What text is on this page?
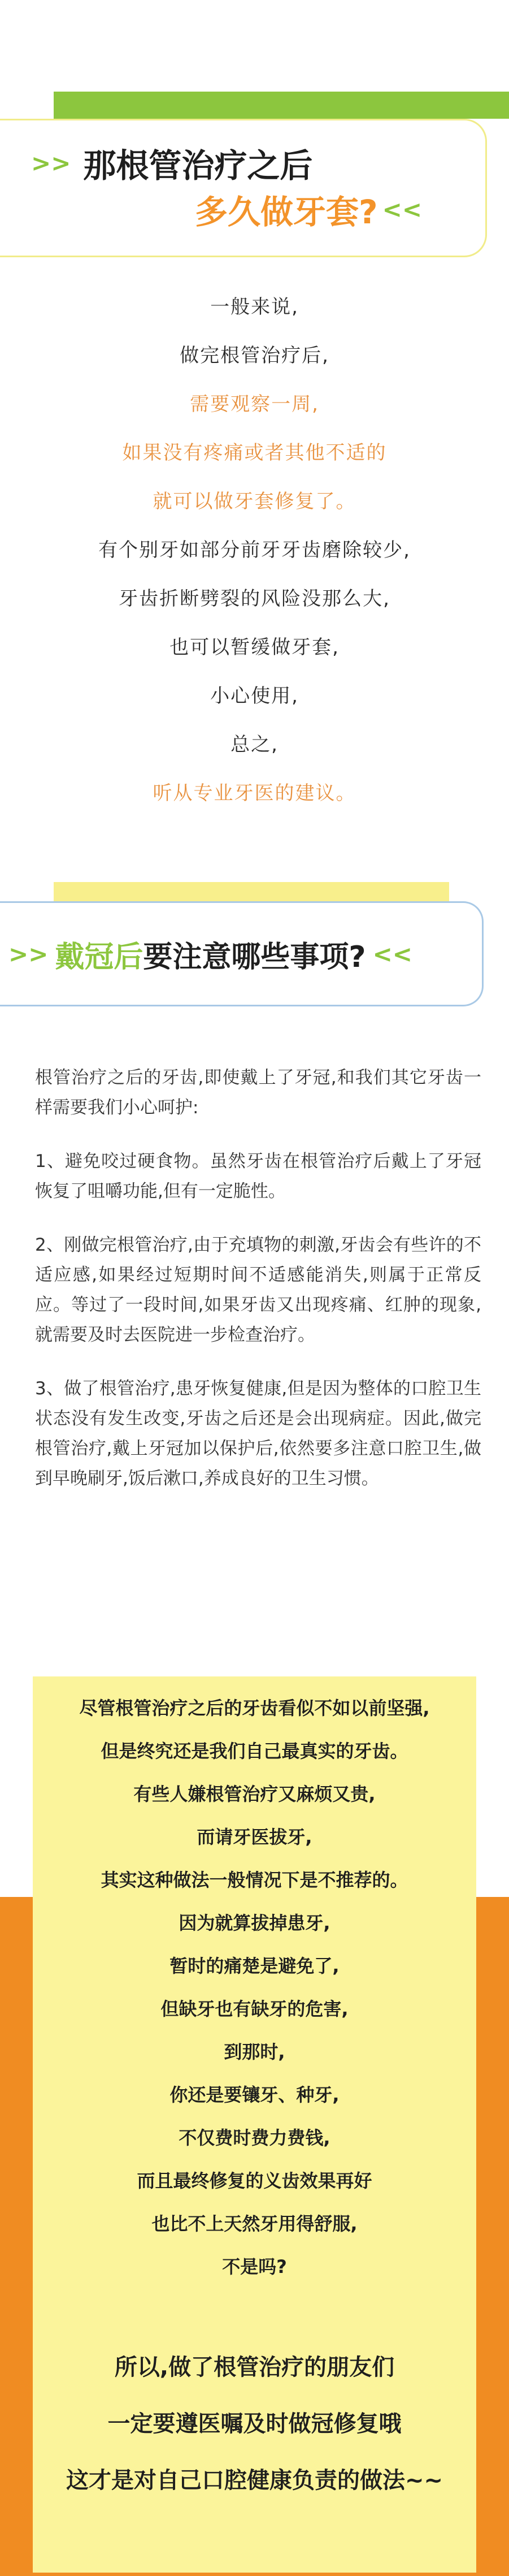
>> 那根管治疗之后
多久做牙套? <<

一般来说,

做完根管治疗后,

需要观察一周,

如果没有疼痛或者其他不适的

就可以做牙套修复了。

有个别牙如部分前牙牙齿磨除较少,

牙齿折断劈裂的风险没那么大,

也可以暂缓做牙套,

小心使用,

总之,

听从专业牙医的建议。

>> 戴冠后要注意哪些事项? <<

根管治疗之后的牙齿,即使戴上了牙冠,和我们其它牙齿一样需要我们小心呵护:

1、避免咬过硬食物。虽然牙齿在根管治疗后戴上了牙冠恢复了咀嚼功能,但有一定脆性。

2、刚做完根管治疗,由于充填物的刺激,牙齿会有些许的不适应感,如果经过短期时间不适感能消失,则属于正常反应。等过了一段时间,如果牙齿又出现疼痛、红肿的现象,就需要及时去医院进一步检查治疗。

3、做了根管治疗,患牙恢复健康,但是因为整体的口腔卫生状态没有发生改变,牙齿之后还是会出现病症。因此,做完根管治疗,戴上牙冠加以保护后,依然要多注意口腔卫生,做到早晚刷牙,饭后漱口,养成良好的卫生习惯。

尽管根管治疗之后的牙齿看似不如以前坚强,

但是终究还是我们自己最真实的牙齿。

有些人嫌根管治疗又麻烦又贵,

而请牙医拔牙,

其实这种做法一般情况下是不推荐的。

因为就算拔掉患牙,

暂时的痛楚是避免了,

但缺牙也有缺牙的危害,

到那时,

你还是要镶牙、种牙,

不仅费时费力费钱,

而且最终修复的义齿效果再好

也比不上天然牙用得舒服,

不是吗?

所以,做了根管治疗的朋友们

一定要遵医嘱及时做冠修复哦

这才是对自己口腔健康负责的做法~~
